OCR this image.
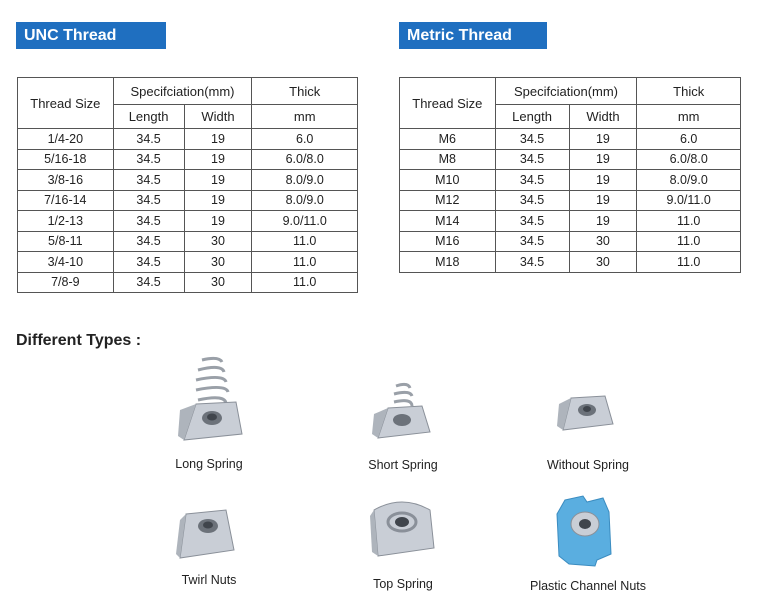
UNC Thread
Thread Size	Specifciation(mm)		Thick
	Length	Width	mm
1/4-20	34.5	19	6.0
5/16-18	34.5	19	6.0/8.0
3/8-16	34.5	19	8.0/9.0
7/16-14	34.5	19	8.0/9.0
1/2-13	34.5	19	9.0/11.0
5/8-11	34.5	30	11.0
3/4-10	34.5	30	11.0
7/8-9	34.5	30	11.0
Metric Thread
Thread Size	Specifciation(mm)		Thick
	Length	Width	mm
M6	34.5	19	6.0
M8	34.5	19	6.0/8.0
M10	34.5	19	8.0/9.0
M12	34.5	19	9.0/11.0
M14	34.5	19	11.0
M16	34.5	30	11.0
M18	34.5	30	11.0
Different Types :
Long Spring	Short Spring	Without Spring
Twirl Nuts	Top Spring	Plastic Channel Nuts
